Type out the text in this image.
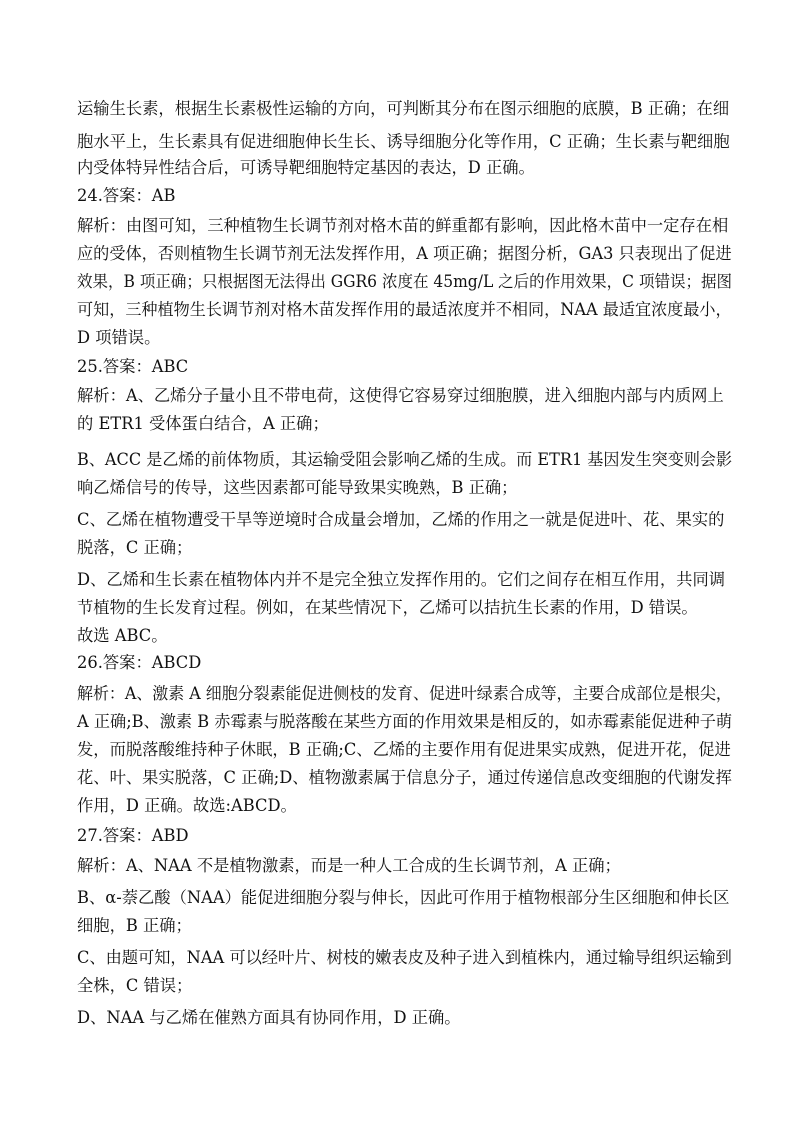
运输生长素，根据生长素极性运输的方向，可判断其分布在图示细胞的底膜，B 正确；在细
胞水平上，生长素具有促进细胞伸长生长、诱导细胞分化等作用，C 正确；生长素与靶细胞
内受体特异性结合后，可诱导靶细胞特定基因的表达，D 正确。
24.答案：AB
解析：由图可知，三种植物生长调节剂对格木苗的鲜重都有影响，因此格木苗中一定存在相
应的受体，否则植物生长调节剂无法发挥作用，A 项正确；据图分析，GA3 只表现出了促进
效果，B 项正确；只根据图无法得出 GGR6 浓度在 45mg/L 之后的作用效果，C 项错误；据图
可知，三种植物生长调节剂对格木苗发挥作用的最适浓度并不相同，NAA 最适宜浓度最小，
D 项错误。
25.答案：ABC
解析：A、乙烯分子量小且不带电荷，这使得它容易穿过细胞膜，进入细胞内部与内质网上
的 ETR1 受体蛋白结合，A 正确；
B、ACC 是乙烯的前体物质，其运输受阻会影响乙烯的生成。而 ETR1 基因发生突变则会影
响乙烯信号的传导，这些因素都可能导致果实晚熟，B 正确；
C、乙烯在植物遭受干旱等逆境时合成量会增加，乙烯的作用之一就是促进叶、花、果实的
脱落，C 正确；
D、乙烯和生长素在植物体内并不是完全独立发挥作用的。它们之间存在相互作用，共同调
节植物的生长发育过程。例如，在某些情况下，乙烯可以拮抗生长素的作用，D 错误。
故选 ABC。
26.答案：ABCD
解析：A、激素 A 细胞分裂素能促进侧枝的发育、促进叶绿素合成等，主要合成部位是根尖，
A 正确;B、激素 B 赤霉素与脱落酸在某些方面的作用效果是相反的，如赤霉素能促进种子萌
发，而脱落酸维持种子休眠，B 正确;C、乙烯的主要作用有促进果实成熟，促进开花，促进
花、叶、果实脱落，C 正确;D、植物激素属于信息分子，通过传递信息改变细胞的代谢发挥
作用，D 正确。故选:ABCD。
27.答案：ABD
解析：A、NAA 不是植物激素，而是一种人工合成的生长调节剂，A 正确；
B、α-萘乙酸（NAA）能促进细胞分裂与伸长，因此可作用于植物根部分生区细胞和伸长区
细胞，B 正确；
C、由题可知，NAA 可以经叶片、树枝的嫩表皮及种子进入到植株内，通过输导组织运输到
全株，C 错误；
D、NAA 与乙烯在催熟方面具有协同作用，D 正确。
